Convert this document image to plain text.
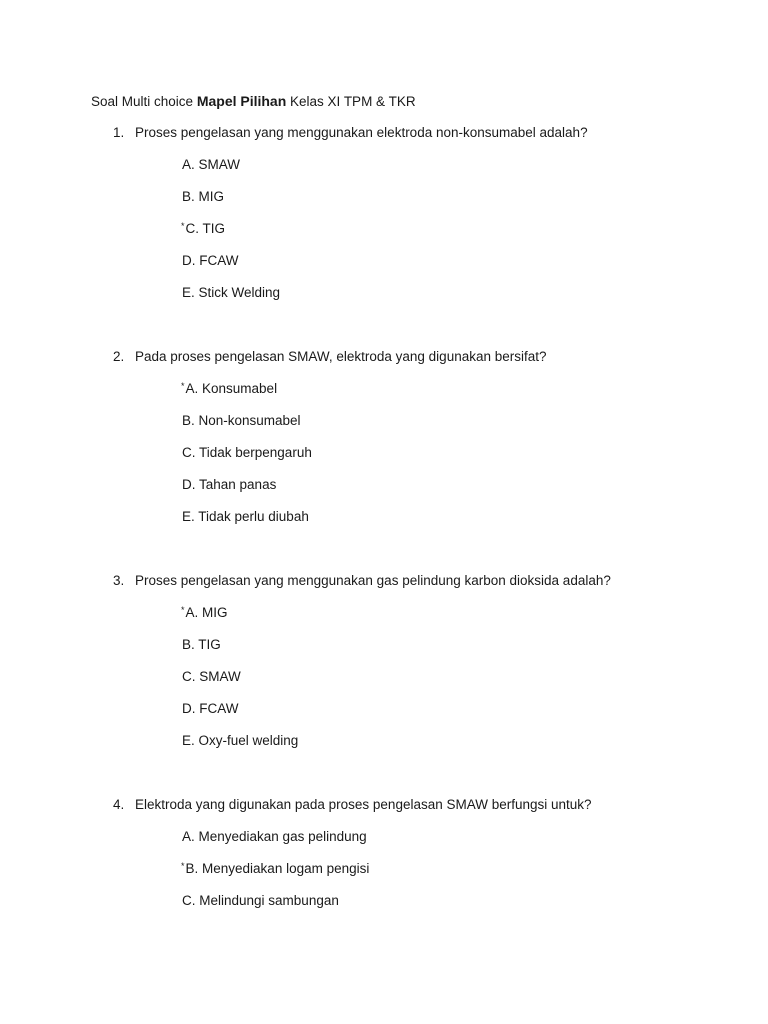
Soal Multi choice Mapel Pilihan Kelas XI TPM & TKR
1. Proses pengelasan yang menggunakan elektroda non-konsumabel adalah?
A. SMAW
B. MIG
*C. TIG
D. FCAW
E. Stick Welding
2. Pada proses pengelasan SMAW, elektroda yang digunakan bersifat?
*A. Konsumabel
B. Non-konsumabel
C. Tidak berpengaruh
D. Tahan panas
E. Tidak perlu diubah
3. Proses pengelasan yang menggunakan gas pelindung karbon dioksida adalah?
*A. MIG
B. TIG
C. SMAW
D. FCAW
E. Oxy-fuel welding
4. Elektroda yang digunakan pada proses pengelasan SMAW berfungsi untuk?
A. Menyediakan gas pelindung
*B. Menyediakan logam pengisi
C. Melindungi sambungan
